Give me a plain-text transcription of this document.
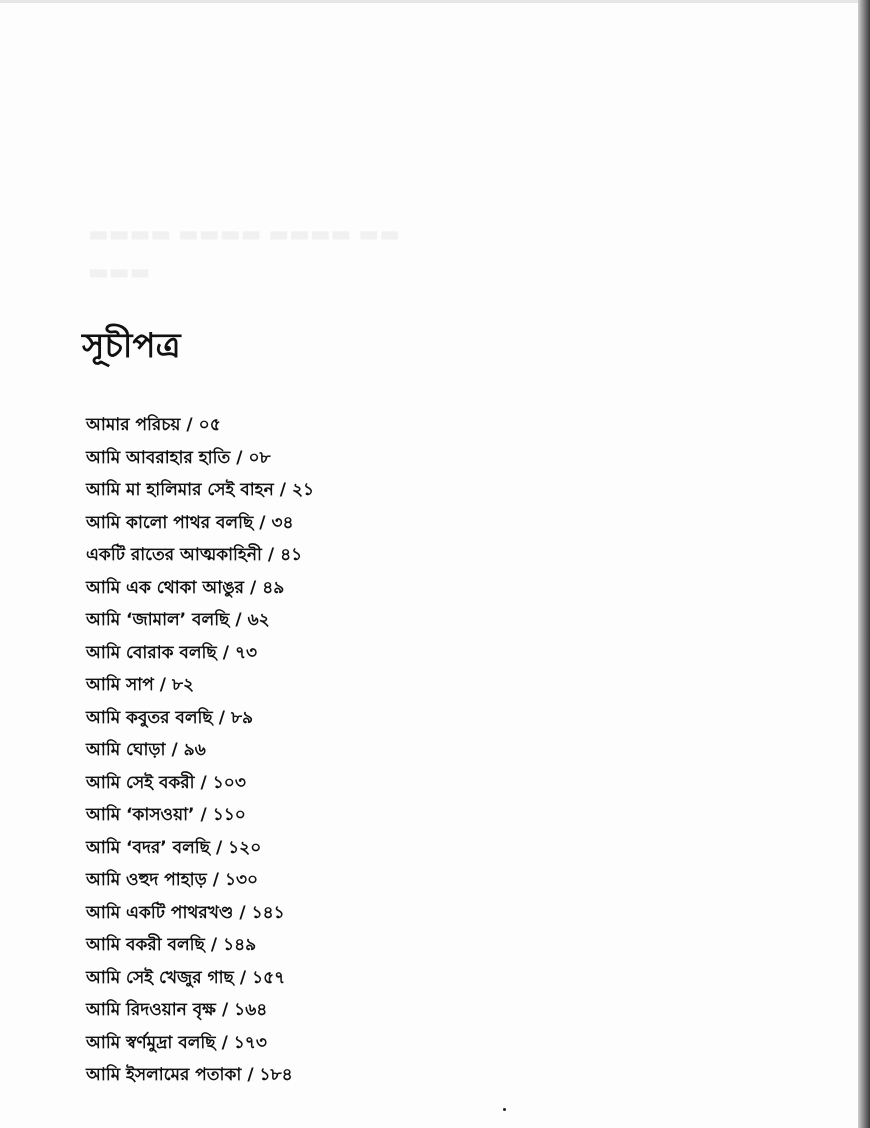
▬▬▬▬ ▬▬▬▬ ▬▬▬▬ ▬▬
▬▬▬
সূচীপত্র
আমার পরিচয় / ০৫
আমি আবরাহার হাতি / ০৮
আমি মা হালিমার সেই বাহন / ২১
আমি কালো পাথর বলছি / ৩৪
একটি রাতের আত্মকাহিনী / ৪১
আমি এক থোকা আঙুর / ৪৯
আমি ‘জামাল’ বলছি / ৬২
আমি বোরাক বলছি / ৭৩
আমি সাপ / ৮২
আমি কবুতর বলছি / ৮৯
আমি ঘোড়া / ৯৬
আমি সেই বকরী / ১০৩
আমি ‘কাসওয়া’ / ১১০
আমি ‘বদর’ বলছি / ১২০
আমি ওহুদ পাহাড় / ১৩০
আমি একটি পাথরখণ্ড / ১৪১
আমি বকরী বলছি / ১৪৯
আমি সেই খেজুর গাছ / ১৫৭
আমি রিদওয়ান বৃক্ষ / ১৬৪
আমি স্বর্ণমুদ্রা বলছি / ১৭৩
আমি ইসলামের পতাকা / ১৮৪
